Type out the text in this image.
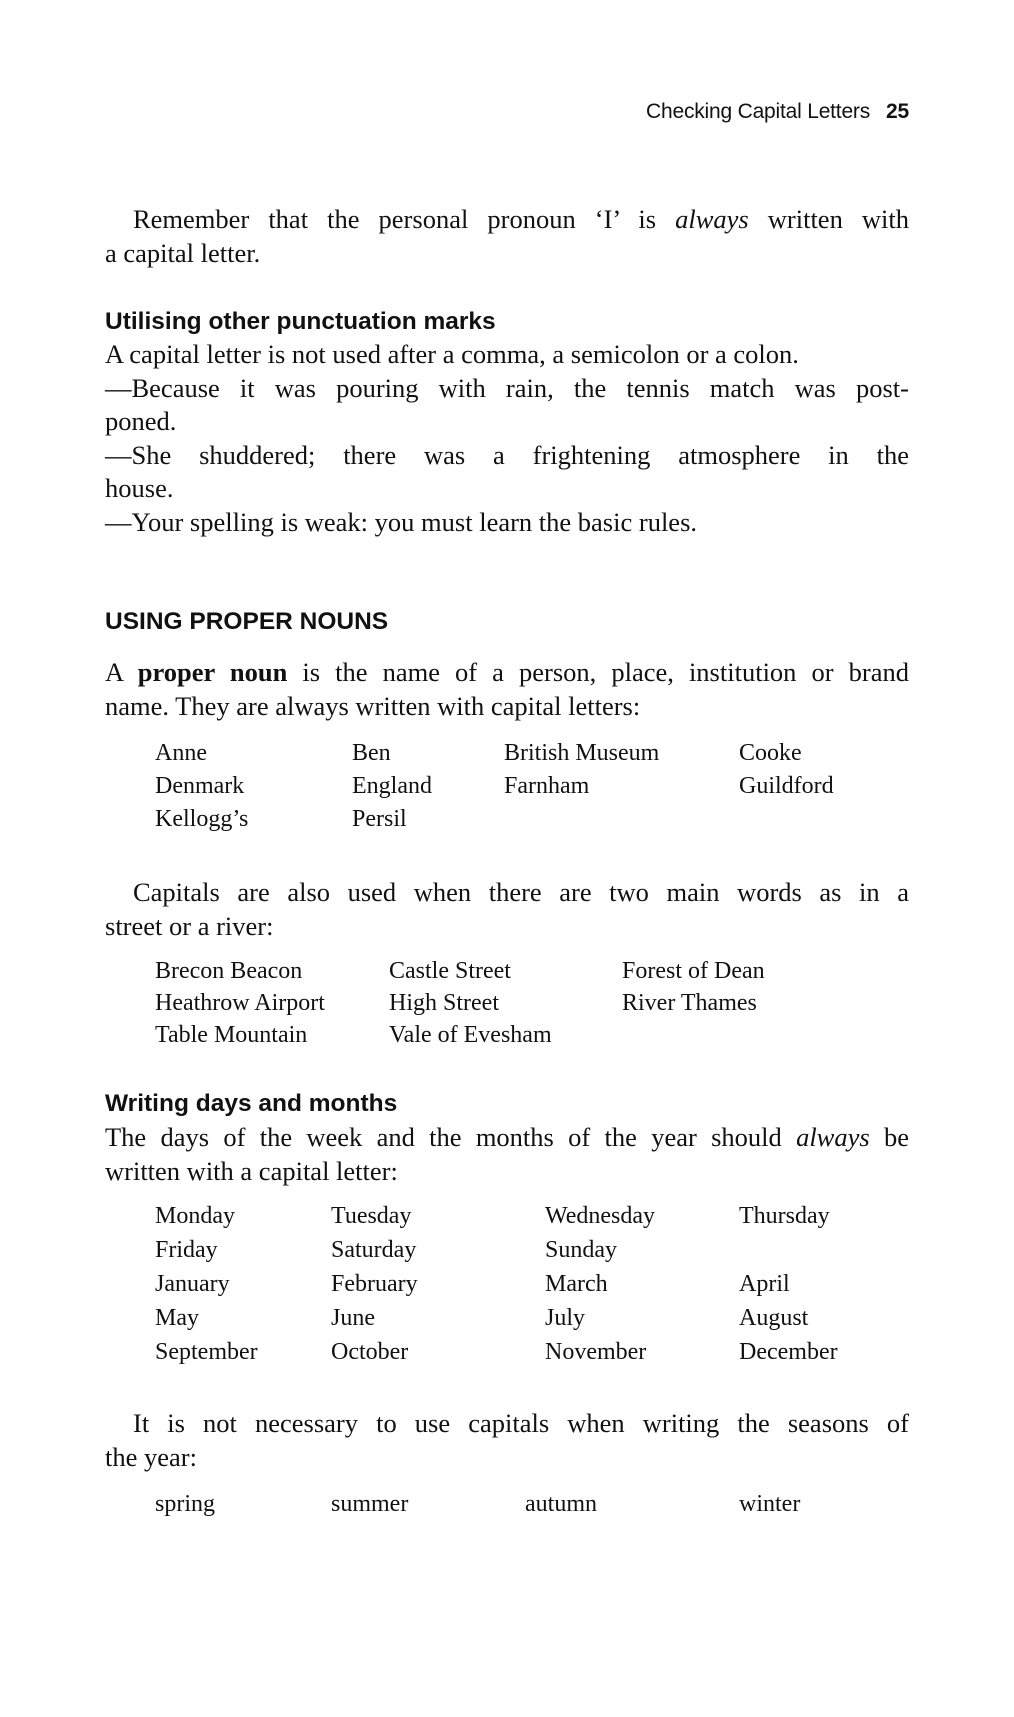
Checking Capital Letters 25
Remember that the personal pronoun ‘I’ is always written with
a capital letter.
Utilising other punctuation marks
A capital letter is not used after a comma, a semicolon or a colon.
—Because it was pouring with rain, the tennis match was post-
poned.
—She shuddered; there was a frightening atmosphere in the
house.
—Your spelling is weak: you must learn the basic rules.
USING PROPER NOUNS
A proper noun is the name of a person, place, institution or brand
name. They are always written with capital letters:
Anne	Ben	British Museum	Cooke
Denmark	England	Farnham	Guildford
Kellogg’s	Persil
Capitals are also used when there are two main words as in a
street or a river:
Brecon Beacon	Castle Street	Forest of Dean
Heathrow Airport	High Street	River Thames
Table Mountain	Vale of Evesham
Writing days and months
The days of the week and the months of the year should always be
written with a capital letter:
Monday	Tuesday	Wednesday	Thursday
Friday	Saturday	Sunday
January	February	March	April
May	June	July	August
September	October	November	December
It is not necessary to use capitals when writing the seasons of
the year:
spring	summer	autumn	winter
